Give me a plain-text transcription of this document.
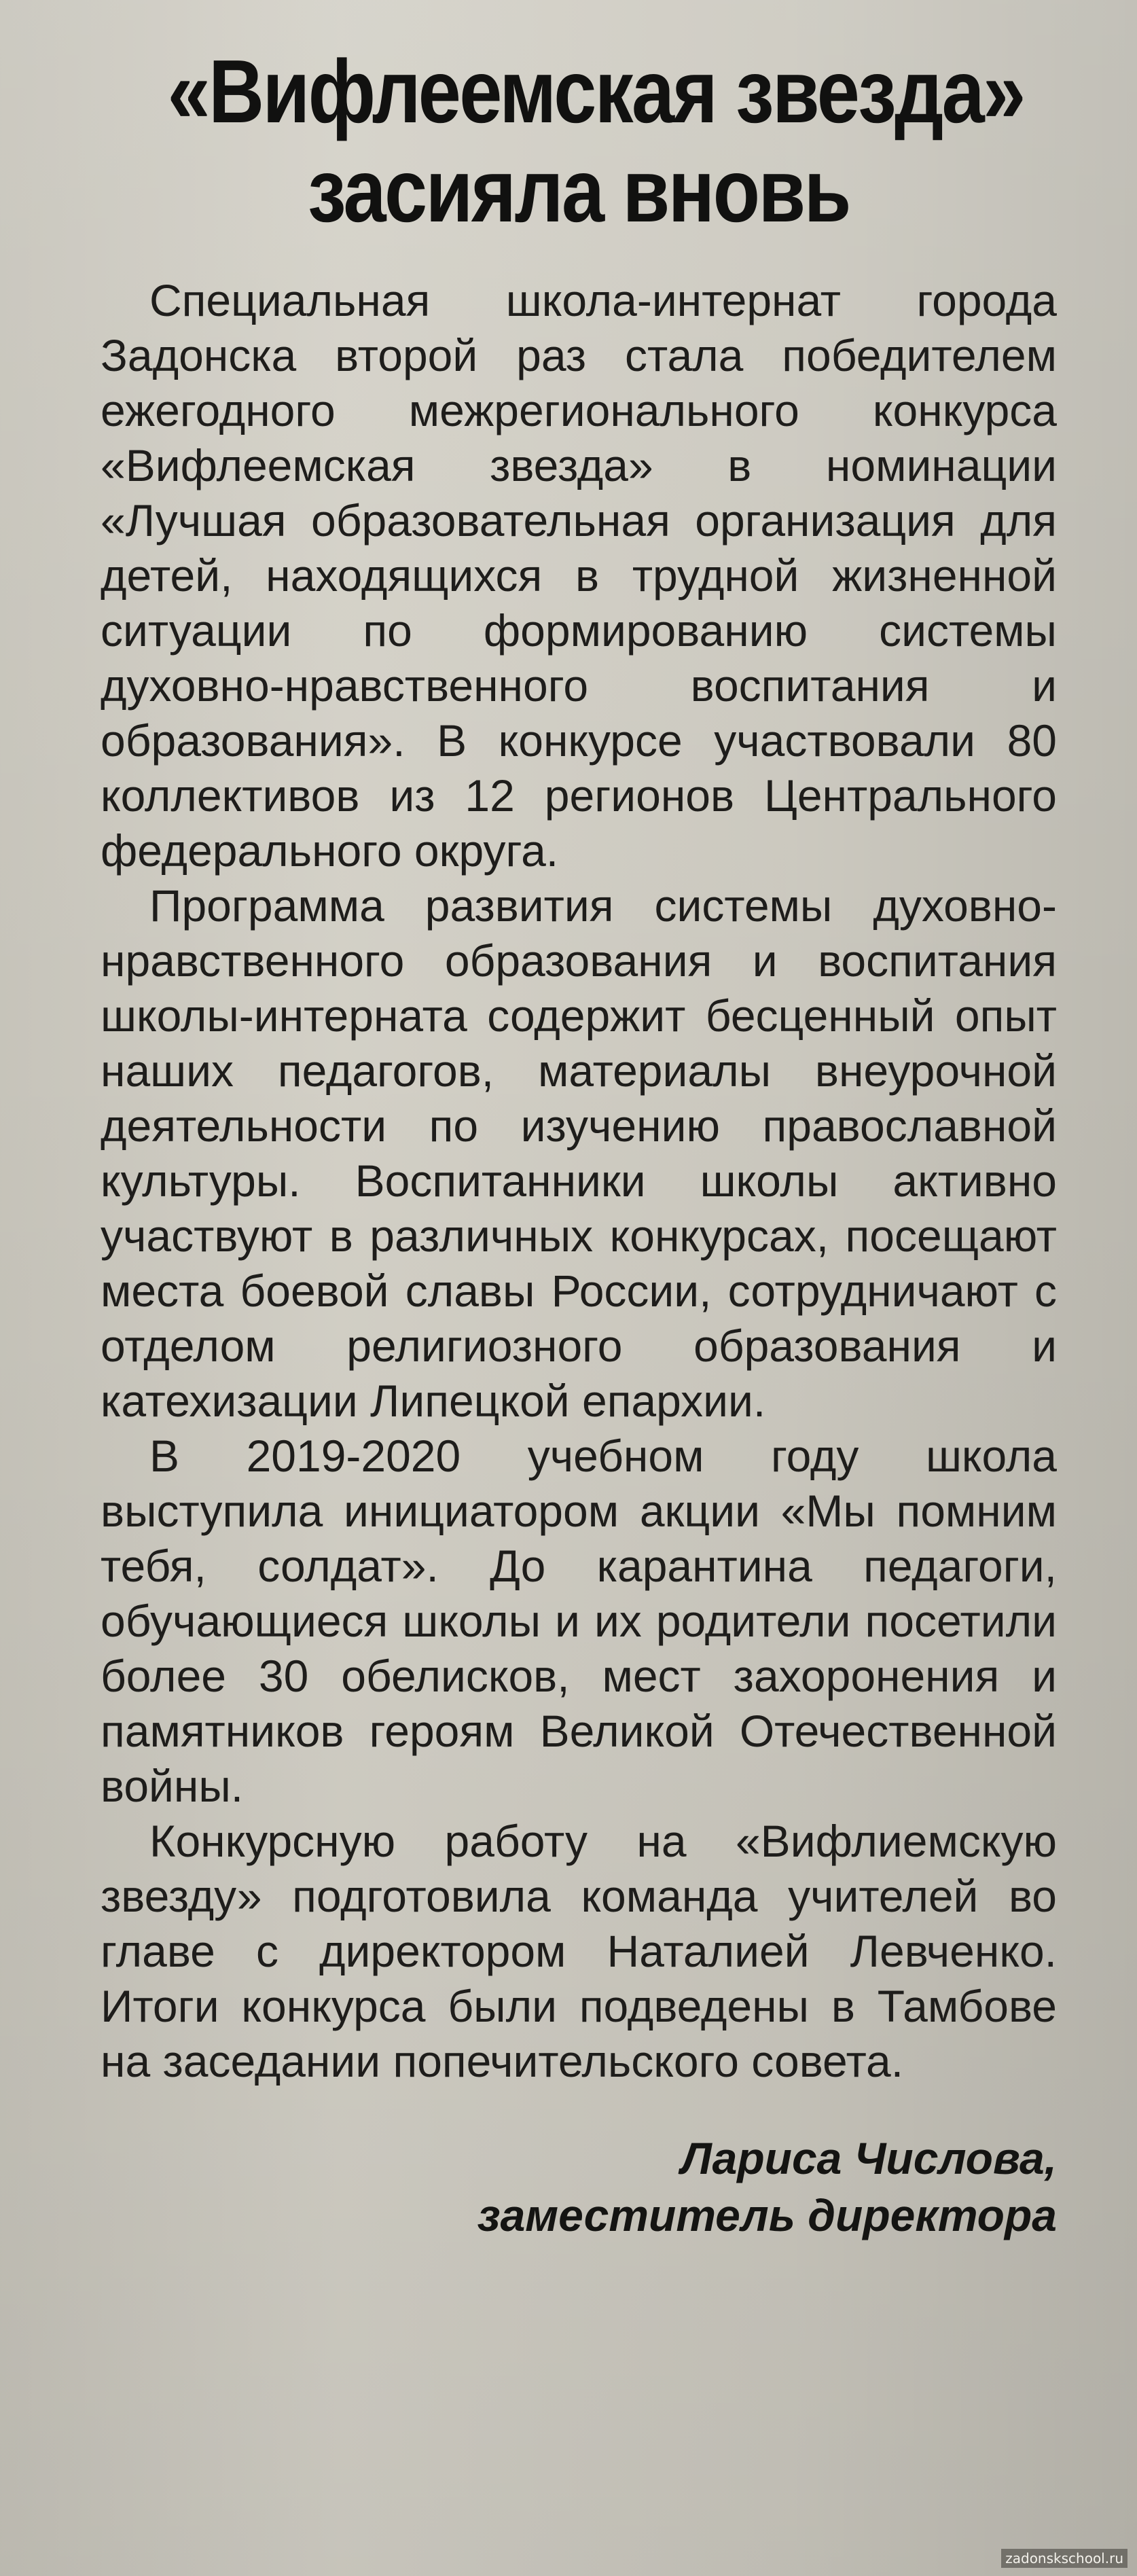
«Вифлеемская звезда»
засияла вновь

Специальная школа-интернат города Задонска второй раз стала победителем ежегодного межрегионального конкурса «Вифлеемская звезда» в номинации «Лучшая образовательная организация для детей, находящихся в трудной жизненной ситуации по формированию системы духовно-нравственного воспитания и образования». В конкурсе участвовали 80 коллективов из 12 регионов Центрального федерального округа.

Программа развития системы духовно-нравственного образования и воспитания школы-интерната содержит бесценный опыт наших педагогов, материалы внеурочной деятельности по изучению православной культуры. Воспитанники школы активно участвуют в различных конкурсах, посещают места боевой славы России, сотрудничают с отделом религиозного образования и катехизации Липецкой епархии.

В 2019-2020 учебном году школа выступила инициатором акции «Мы помним тебя, солдат». До карантина педагоги, обучающиеся школы и их родители посетили более 30 обелисков, мест захоронения и памятников героям Великой Отечественной войны.

Конкурсную работу на «Вифлиемскую звезду» подготовила команда учителей во главе с директором Наталией Левченко. Итоги конкурса были подведены в Тамбове на заседании попечительского совета.

Лариса Числова,
заместитель директора
zadonskschool.ru
